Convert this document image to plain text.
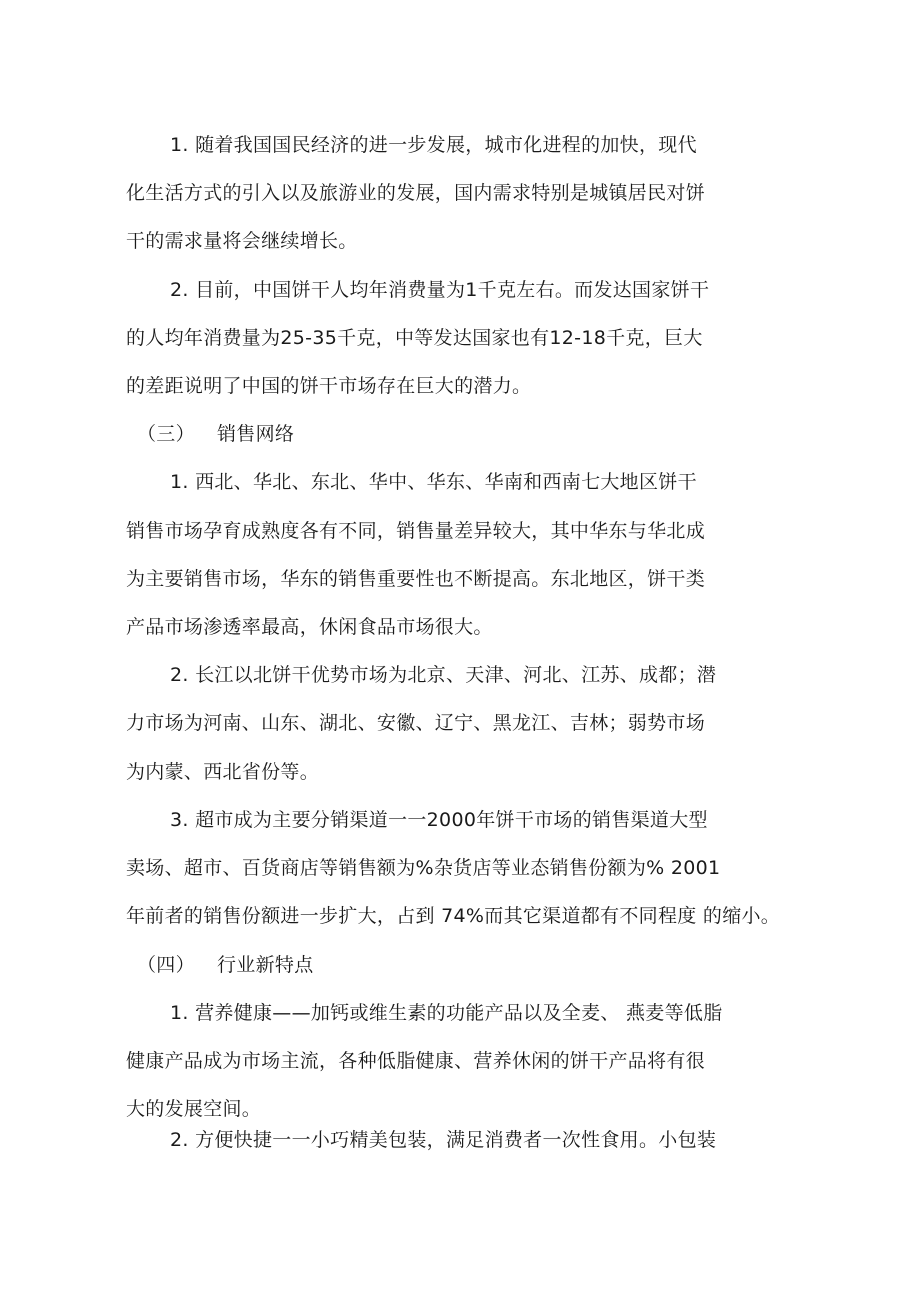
1. 随着我国国民经济的进一步发展，城市化进程的加快，现代
化生活方式的引入以及旅游业的发展，国内需求特别是城镇居民对饼
干的需求量将会继续增长。
2. 目前，中国饼干人均年消费量为1千克左右。而发达国家饼干
的人均年消费量为25-35千克，中等发达国家也有12-18千克，巨大
的差距说明了中国的饼干市场存在巨大的潜力。
（三） 销售网络
1. 西北、华北、东北、华中、华东、华南和西南七大地区饼干
销售市场孕育成熟度各有不同，销售量差异较大，其中华东与华北成
为主要销售市场，华东的销售重要性也不断提高。东北地区，饼干类
产品市场渗透率最高，休闲食品市场很大。
2. 长江以北饼干优势市场为北京、天津、河北、江苏、成都；潜
力市场为河南、山东、湖北、安徽、辽宁、黑龙江、吉林；弱势市场
为内蒙、西北省份等。
3. 超市成为主要分销渠道一一2000年饼干市场的销售渠道大型
卖场、超市、百货商店等销售额为%杂货店等业态销售份额为% 2001
年前者的销售份额进一步扩大，占到 74%而其它渠道都有不同程度 的缩小。
（四） 行业新特点
1. 营养健康——加钙或维生素的功能产品以及全麦、 燕麦等低脂
健康产品成为市场主流，各种低脂健康、营养休闲的饼干产品将有很
大的发展空间。
2. 方便快捷一一小巧精美包装，满足消费者一次性食用。小包装
